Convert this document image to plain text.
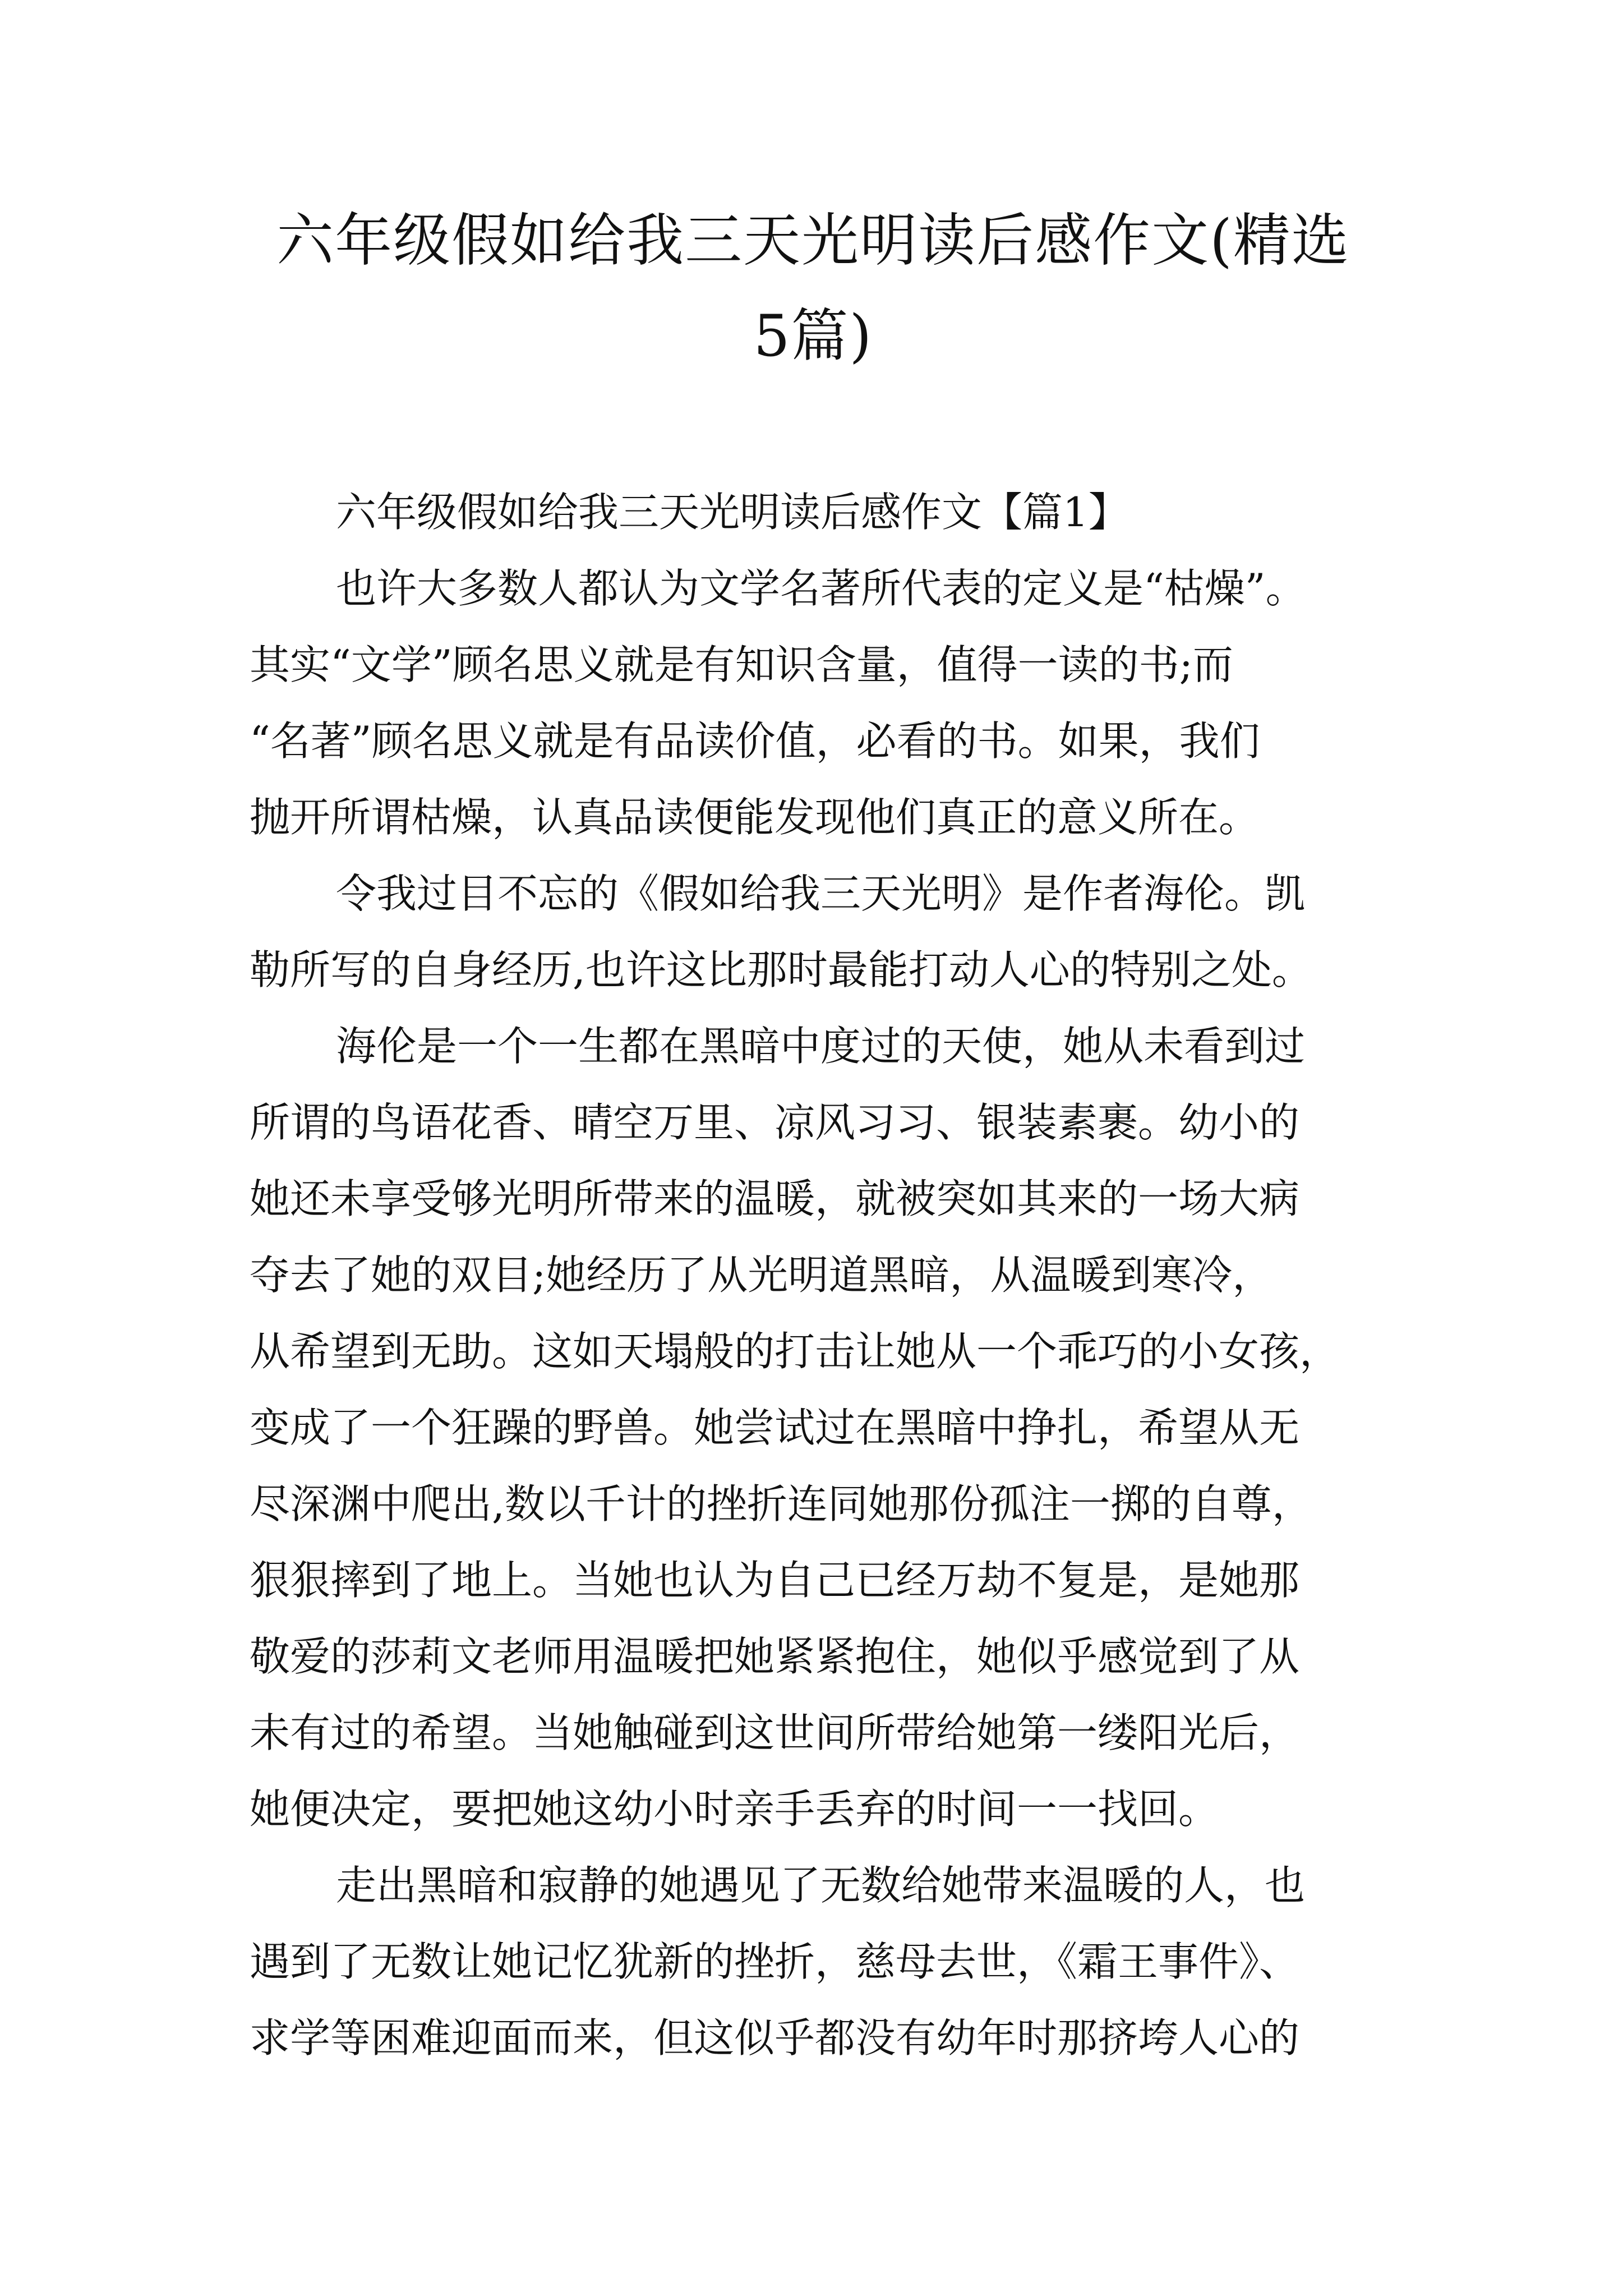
六年级假如给我三天光明读后感作文(精选
5篇)

六年级假如给我三天光明读后感作文【篇1】

也许大多数人都认为文学名著所代表的定义是“枯燥”。
其实“文学”顾名思义就是有知识含量，值得一读的书;而
“名著”顾名思义就是有品读价值，必看的书。如果，我们
抛开所谓枯燥，认真品读便能发现他们真正的意义所在。

令我过目不忘的《假如给我三天光明》是作者海伦。凯
勒所写的自身经历,也许这比那时最能打动人心的特别之处。

海伦是一个一生都在黑暗中度过的天使，她从未看到过
所谓的鸟语花香、晴空万里、凉风习习、银装素裹。幼小的
她还未享受够光明所带来的温暖，就被突如其来的一场大病
夺去了她的双目;她经历了从光明道黑暗，从温暖到寒冷，
从希望到无助。这如天塌般的打击让她从一个乖巧的小女孩，
变成了一个狂躁的野兽。她尝试过在黑暗中挣扎，希望从无
尽深渊中爬出,数以千计的挫折连同她那份孤注一掷的自尊，
狠狠摔到了地上。当她也认为自己已经万劫不复是，是她那
敬爱的莎莉文老师用温暖把她紧紧抱住，她似乎感觉到了从
未有过的希望。当她触碰到这世间所带给她第一缕阳光后，
她便决定，要把她这幼小时亲手丢弃的时间一一找回。

走出黑暗和寂静的她遇见了无数给她带来温暖的人，也
遇到了无数让她记忆犹新的挫折，慈母去世，《霜王事件》、
求学等困难迎面而来，但这似乎都没有幼年时那挤垮人心的
